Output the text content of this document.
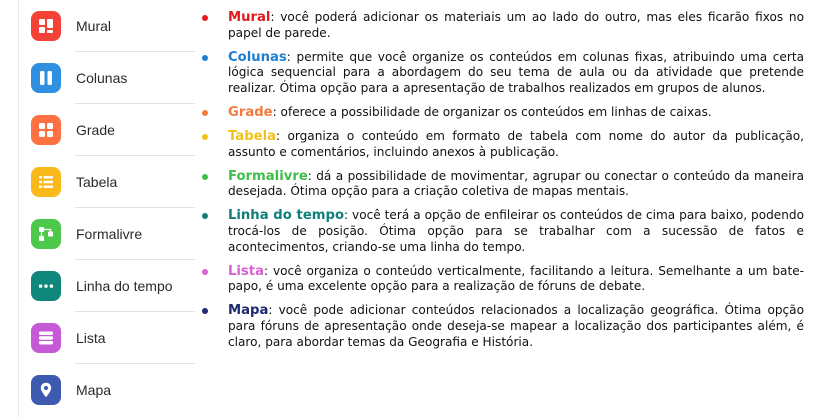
Mural
Colunas
Grade
Tabela
Formalivre
Linha do tempo
Lista
Mapa
Mural: você poderá adicionar os materiais um ao lado do outro, mas eles ficarão fixos no papel de parede.
Colunas: permite que você organize os conteúdos em colunas fixas, atribuindo uma certa lógica sequencial para a abordagem do seu tema de aula ou da atividade que pretende realizar. Ótima opção para a apresentação de trabalhos realizados em grupos de alunos.
Grade: oferece a possibilidade de organizar os conteúdos em linhas de caixas.
Tabela: organiza o conteúdo em formato de tabela com nome do autor da publicação, assunto e comentários, incluindo anexos à publicação.
Formalivre: dá a possibilidade de movimentar, agrupar ou conectar o conteúdo da maneira desejada. Ótima opção para a criação coletiva de mapas mentais.
Linha do tempo: você terá a opção de enfileirar os conteúdos de cima para baixo, podendo trocá-los de posição. Ótima opção para se trabalhar com a sucessão de fatos e acontecimentos, criando-se uma linha do tempo.
Lista: você organiza o conteúdo verticalmente, facilitando a leitura. Semelhante a um bate-papo, é uma excelente opção para a realização de fóruns de debate.
Mapa: você pode adicionar conteúdos relacionados a localização geográfica. Ótima opção para fóruns de apresentação onde deseja-se mapear a localização dos participantes além, é claro, para abordar temas da Geografia e História.
